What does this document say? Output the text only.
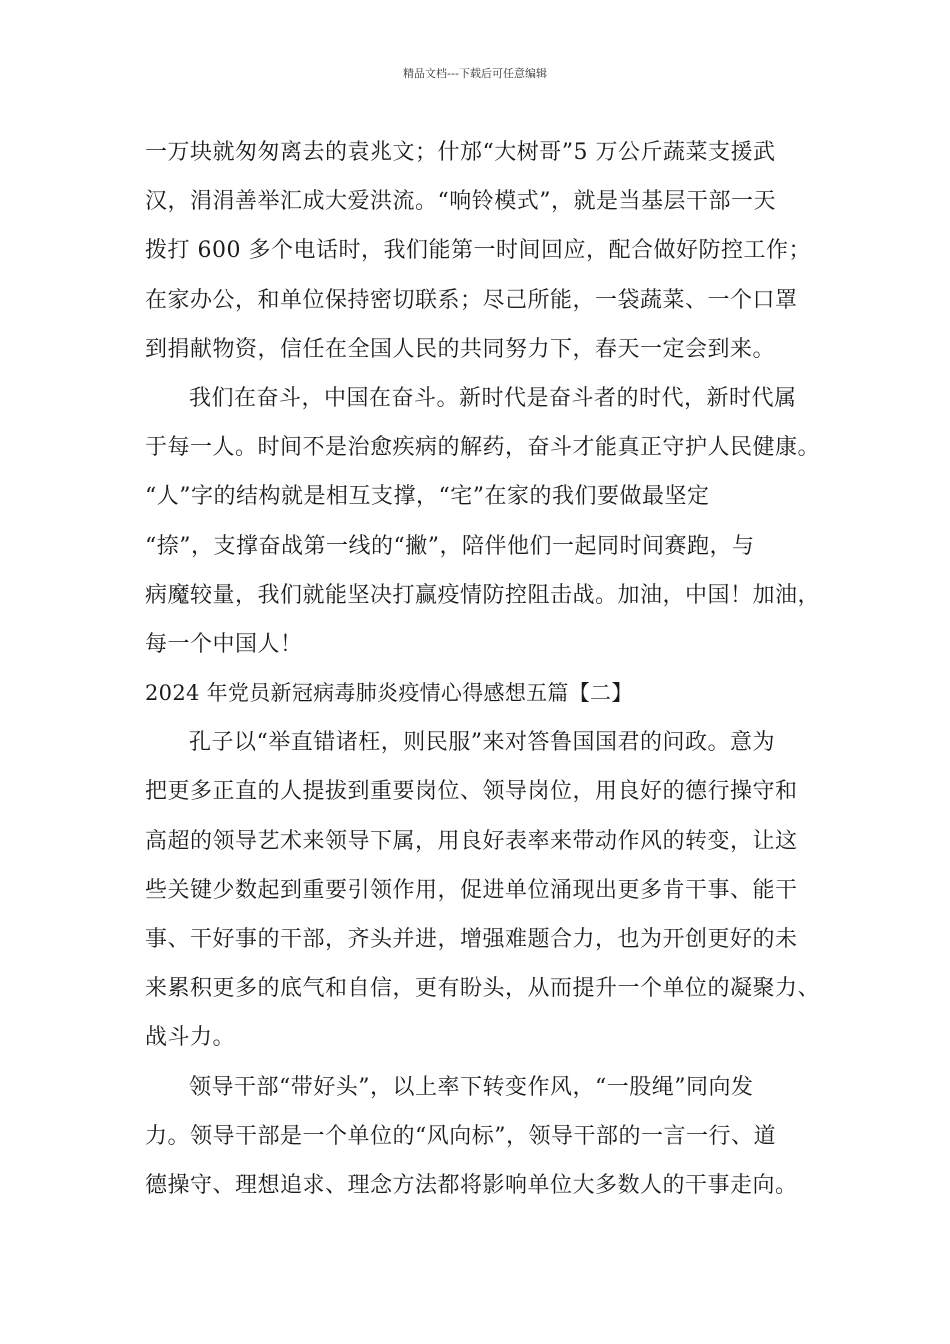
精品文档---下载后可任意编辑
一万块就匆匆离去的袁兆文；什邡“大树哥”5 万公斤蔬菜支援武
汉，涓涓善举汇成大爱洪流。“响铃模式”，就是当基层干部一天
拨打 600 多个电话时，我们能第一时间回应，配合做好防控工作；
在家办公，和单位保持密切联系；尽己所能，一袋蔬菜、一个口罩
到捐献物资，信任在全国人民的共同努力下，春天一定会到来。
我们在奋斗，中国在奋斗。新时代是奋斗者的时代，新时代属
于每一人。时间不是治愈疾病的解药，奋斗才能真正守护人民健康。
“人”字的结构就是相互支撑，“宅”在家的我们要做最坚定
“捺”，支撑奋战第一线的“撇”，陪伴他们一起同时间赛跑，与
病魔较量，我们就能坚决打赢疫情防控阻击战。加油，中国！加油，
每一个中国人！
2024 年党员新冠病毒肺炎疫情心得感想五篇【二】
孔子以“举直错诸枉，则民服”来对答鲁国国君的问政。意为
把更多正直的人提拔到重要岗位、领导岗位，用良好的德行操守和
高超的领导艺术来领导下属，用良好表率来带动作风的转变，让这
些关键少数起到重要引领作用，促进单位涌现出更多肯干事、能干
事、干好事的干部，齐头并进，增强难题合力，也为开创更好的未
来累积更多的底气和自信，更有盼头，从而提升一个单位的凝聚力、
战斗力。
领导干部“带好头”，以上率下转变作风，“一股绳”同向发
力。领导干部是一个单位的“风向标”，领导干部的一言一行、道
德操守、理想追求、理念方法都将影响单位大多数人的干事走向。
